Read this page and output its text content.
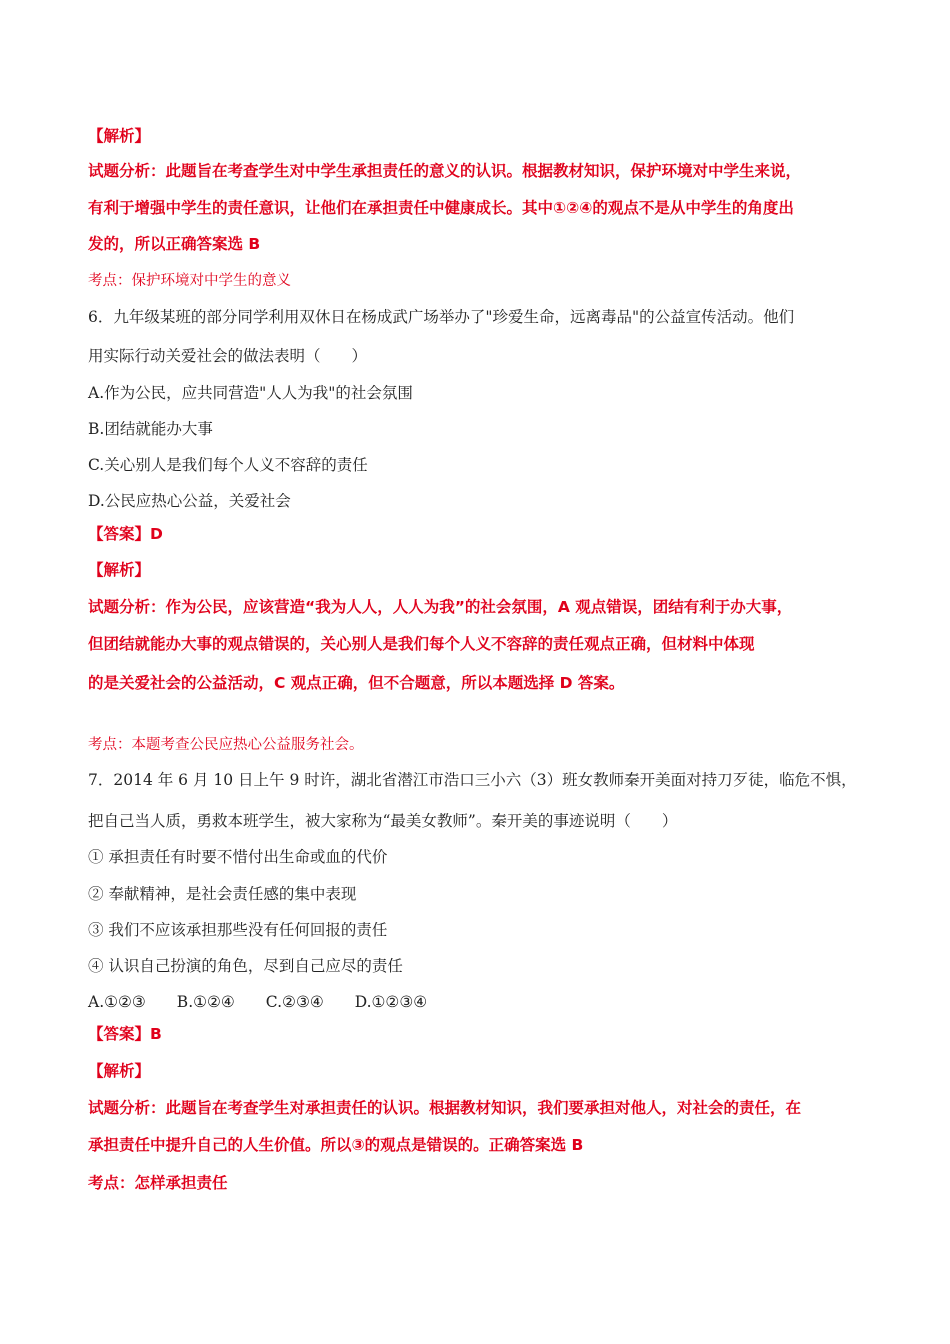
【解析】
试题分析：此题旨在考查学生对中学生承担责任的意义的认识。根据教材知识，保护环境对中学生来说，
有利于增强中学生的责任意识，让他们在承担责任中健康成长。其中①②④的观点不是从中学生的角度出
发的，所以正确答案选 B
考点：保护环境对中学生的意义
6．九年级某班的部分同学利用双休日在杨成武广场举办了"珍爱生命，远离毒品"的公益宣传活动。他们
用实际行动关爱社会的做法表明（　　）
A.作为公民，应共同营造"人人为我"的社会氛围
B.团结就能办大事
C.关心别人是我们每个人义不容辞的责任
D.公民应热心公益，关爱社会
【答案】D
【解析】
试题分析：作为公民，应该营造“我为人人，人人为我”的社会氛围，A 观点错误，团结有利于办大事，
但团结就能办大事的观点错误的，关心别人是我们每个人义不容辞的责任观点正确，但材料中体现
的是关爱社会的公益活动，C 观点正确，但不合题意，所以本题选择 D 答案。
考点：本题考查公民应热心公益服务社会。
7．2014 年 6 月 10 日上午 9 时许，湖北省潜江市浩口三小六（3）班女教师秦开美面对持刀歹徒，临危不惧，
把自己当人质，勇救本班学生，被大家称为“最美女教师”。秦开美的事迹说明（　　）
① 承担责任有时要不惜付出生命或血的代价
② 奉献精神，是社会责任感的集中表现
③ 我们不应该承担那些没有任何回报的责任
④ 认识自己扮演的角色，尽到自己应尽的责任
A.①②③　　B.①②④　　C.②③④　　D.①②③④
【答案】B
【解析】
试题分析：此题旨在考查学生对承担责任的认识。根据教材知识，我们要承担对他人，对社会的责任，在
承担责任中提升自己的人生价值。所以③的观点是错误的。正确答案选 B
考点：怎样承担责任
